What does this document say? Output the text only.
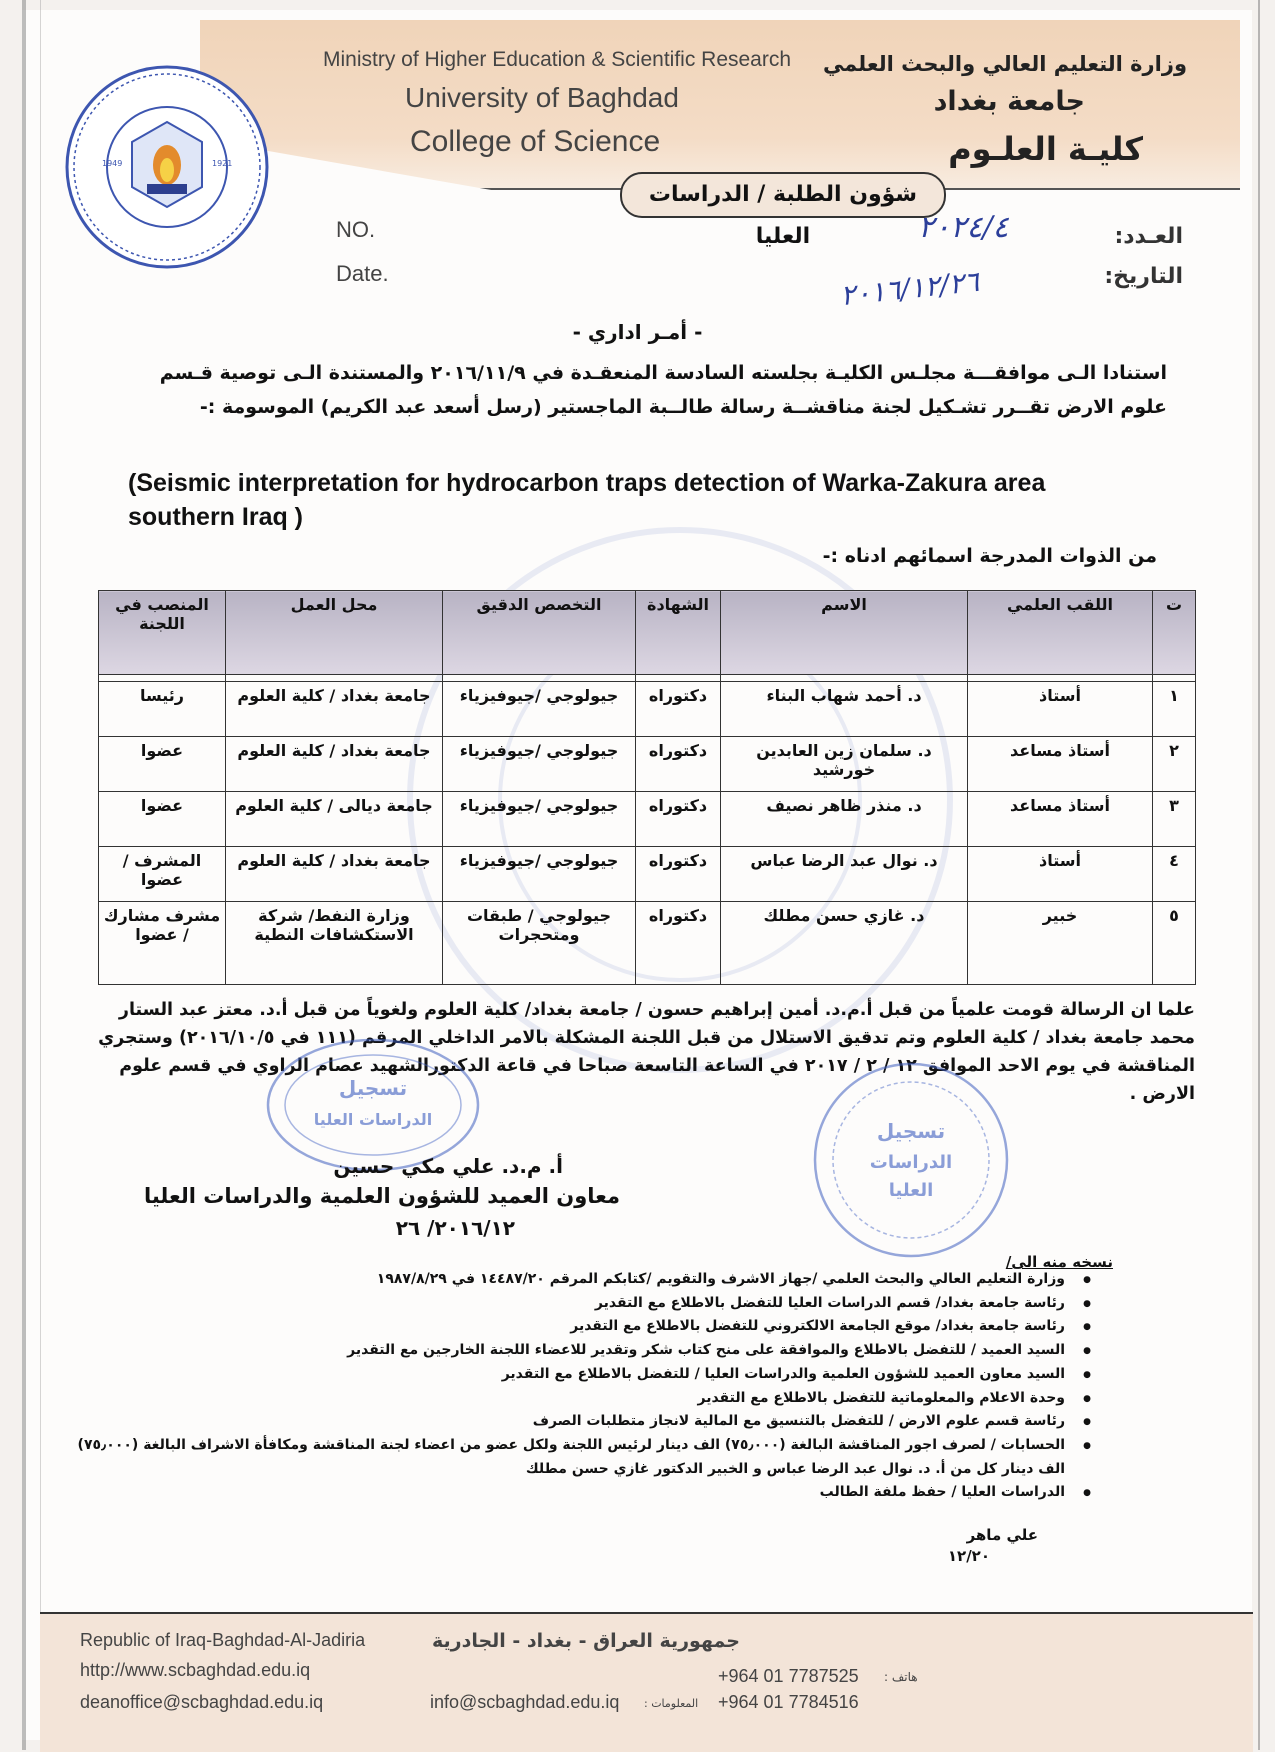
1949	1921
Ministry of Higher Education & Scientific Research
University of Baghdad
College of Science
وزارة التعليم العالي والبحث العلمي
جامعة بغداد
كليـة العلـوم
شؤون الطلبة / الدراسات العليا
NO.
Date.
العـدد:
التاريخ:
٢٠٢٤/٤
٢٠١٦/١٢/٢٦
- أمـر اداري -
استنادا الـى موافقـــة مجلـس الكليـة بجلسته السادسة المنعقـدة في ٢٠١٦/١١/٩ والمستندة الـى توصية قـسم علوم الارض تقــرر تشـكيل لجنة مناقشــة رسالة طالــبة الماجستير (رسل أسعد عبد الكريم) الموسومة :-
(Seismic interpretation for hydrocarbon traps detection of Warka-Zakura area southern Iraq )
من الذوات المدرجة اسمائهم ادناه :-
ت	اللقب العلمي	الاسم	الشهادة	التخصص الدقيق	محل العمل	المنصب في اللجنة

١	أستاذ	د. أحمد شهاب البناء	دكتوراه	جيولوجي /جيوفيزياء	جامعة بغداد / كلية العلوم	رئيسا
٢	أستاذ مساعد	د. سلمان زين العابدين خورشيد	دكتوراه	جيولوجي /جيوفيزياء	جامعة بغداد / كلية العلوم	عضوا
٣	أستاذ مساعد	د. منذر ظاهر نصيف	دكتوراه	جيولوجي /جيوفيزياء	جامعة ديالى / كلية العلوم	عضوا
٤	أستاذ	د. نوال عبد الرضا عباس	دكتوراه	جيولوجي /جيوفيزياء	جامعة بغداد / كلية العلوم	المشرف / عضوا
٥	خبير	د. غازي حسن مطلك	دكتوراه	جيولوجي / طبقات ومتحجرات	وزارة النفط/ شركة الاستكشافات النطية	مشرف مشارك / عضوا
علما ان الرسالة قومت علمياً من قبل أ.م.د. أمين إبراهيم حسون / جامعة بغداد/ كلية العلوم ولغوياً من قبل أ.د. معتز عبد الستار محمد جامعة بغداد / كلية العلوم وتم تدقيق الاستلال من قبل اللجنة المشكلة بالامر الداخلي المرقم (١١١ في ٢٠١٦/١٠/٥) وستجري المناقشة في يوم الاحد الموافق ١٢ / ٢ / ٢٠١٧ في الساعة التاسعة صباحا في قاعة الدكتورالشهيد عصام الراوي في قسم علوم الارض .
تسجيل
الدراسات العليا	تسجيل
الدراسات
العليا
أ. م.د. علي مكي حسين
معاون العميد للشؤون العلمية والدراسات العليا
٢٠١٦/١٢/ ٢٦
نسخه منه الى/
● وزارة التعليم العالي والبحث العلمي /جهاز الاشرف والتقويم /كتابكم المرقم ١٤٤٨٧/٢٠ في ١٩٨٧/٨/٢٩
● رئاسة جامعة بغداد/ قسم الدراسات العليا للتفضل بالاطلاع مع التقدير
● رئاسة جامعة بغداد/ موقع الجامعة الالكتروني للتفضل بالاطلاع مع التقدير
● السيد العميد / للتفضل بالاطلاع والموافقة على منح كتاب شكر وتقدير للاعضاء اللجنة الخارجين مع التقدير
● السيد معاون العميد للشؤون العلمية والدراسات العليا / للتفضل بالاطلاع مع التقدير
● وحدة الاعلام والمعلوماتية للتفضل بالاطلاع مع التقدير
● رئاسة قسم علوم الارض / للتفضل بالتنسيق مع المالية لانجاز متطلبات الصرف
● الحسابات / لصرف اجور المناقشة البالغة (٧٥٫٠٠٠) الف دينار لرئيس اللجنة ولكل عضو من اعضاء لجنة المناقشة ومكافأة الاشراف البالغة (٧٥٫٠٠٠) الف دينار كل من أ. د. نوال عبد الرضا عباس و الخبير الدكتور غازي حسن مطلك
● الدراسات العليا / حفظ ملفة الطالب
علي ماهر
١٢/٢٠
Republic of Iraq-Baghdad-Al-Jadiria	جمهورية العراق - بغداد - الجادرية
http://www.scbaghdad.edu.iq
deanoffice@scbaghdad.edu.iq	info@scbaghdad.edu.iq المعلومات :
هاتف :
+964 01 7787525
+964 01 7784516
